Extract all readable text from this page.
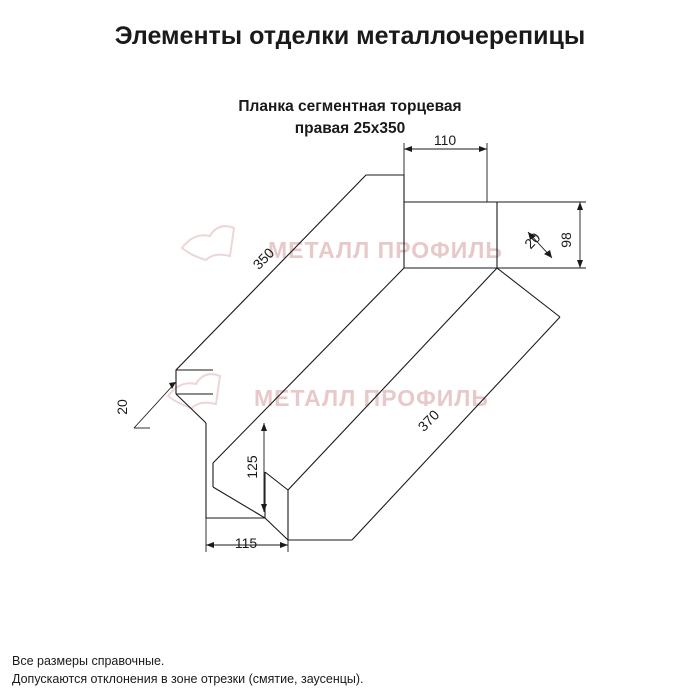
Элементы отделки металлочерепицы
Планка сегментная торцевая
правая 25х350
МЕТАЛЛ ПРОФИЛЬ
МЕТАЛЛ ПРОФИЛЬ
110
98
20
350
20	370
125
115
Все размеры справочные.
Допускаются отклонения в зоне отрезки (смятие, заусенцы).
